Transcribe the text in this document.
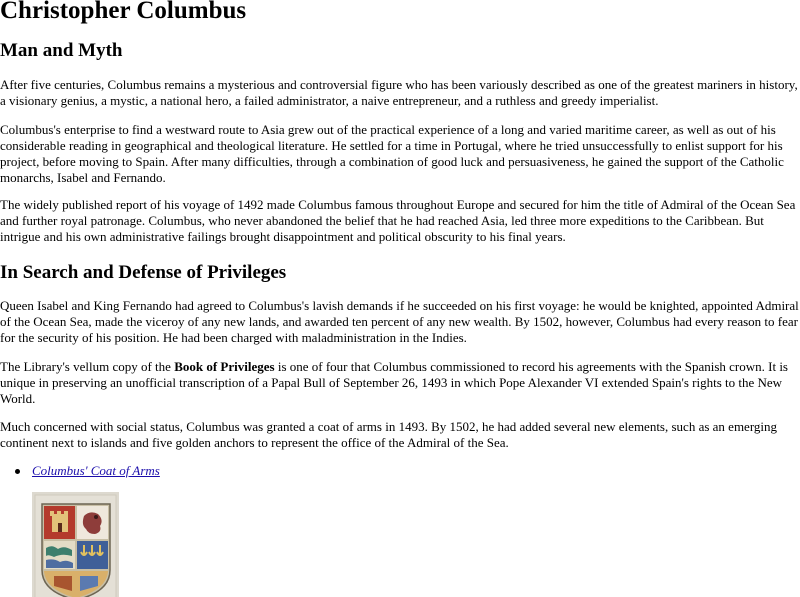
Christopher Columbus
Man and Myth

After five centuries, Columbus remains a mysterious and controversial figure who has been variously described as one of the greatest mariners in history, a visionary genius, a mystic, a national hero, a failed administrator, a naive entrepreneur, and a ruthless and greedy imperialist.

Columbus's enterprise to find a westward route to Asia grew out of the practical experience of a long and varied maritime career, as well as out of his considerable reading in geographical and theological literature. He settled for a time in Portugal, where he tried unsuccessfully to enlist support for his project, before moving to Spain. After many difficulties, through a combination of good luck and persuasiveness, he gained the support of the Catholic monarchs, Isabel and Fernando.

The widely published report of his voyage of 1492 made Columbus famous throughout Europe and secured for him the title of Admiral of the Ocean Sea and further royal patronage. Columbus, who never abandoned the belief that he had reached Asia, led three more expeditions to the Caribbean. But intrigue and his own administrative failings brought disappointment and political obscurity to his final years.

In Search and Defense of Privileges

Queen Isabel and King Fernando had agreed to Columbus's lavish demands if he succeeded on his first voyage: he would be knighted, appointed Admiral of the Ocean Sea, made the viceroy of any new lands, and awarded ten percent of any new wealth. By 1502, however, Columbus had every reason to fear for the security of his position. He had been charged with maladministration in the Indies.

The Library's vellum copy of the Book of Privileges is one of four that Columbus commissioned to record his agreements with the Spanish crown. It is unique in preserving an unofficial transcription of a Papal Bull of September 26, 1493 in which Pope Alexander VI extended Spain's rights to the New World.

Much concerned with social status, Columbus was granted a coat of arms in 1493. By 1502, he had added several new elements, such as an emerging continent next to islands and five golden anchors to represent the office of the Admiral of the Sea.

Columbus' Coat of Arms
